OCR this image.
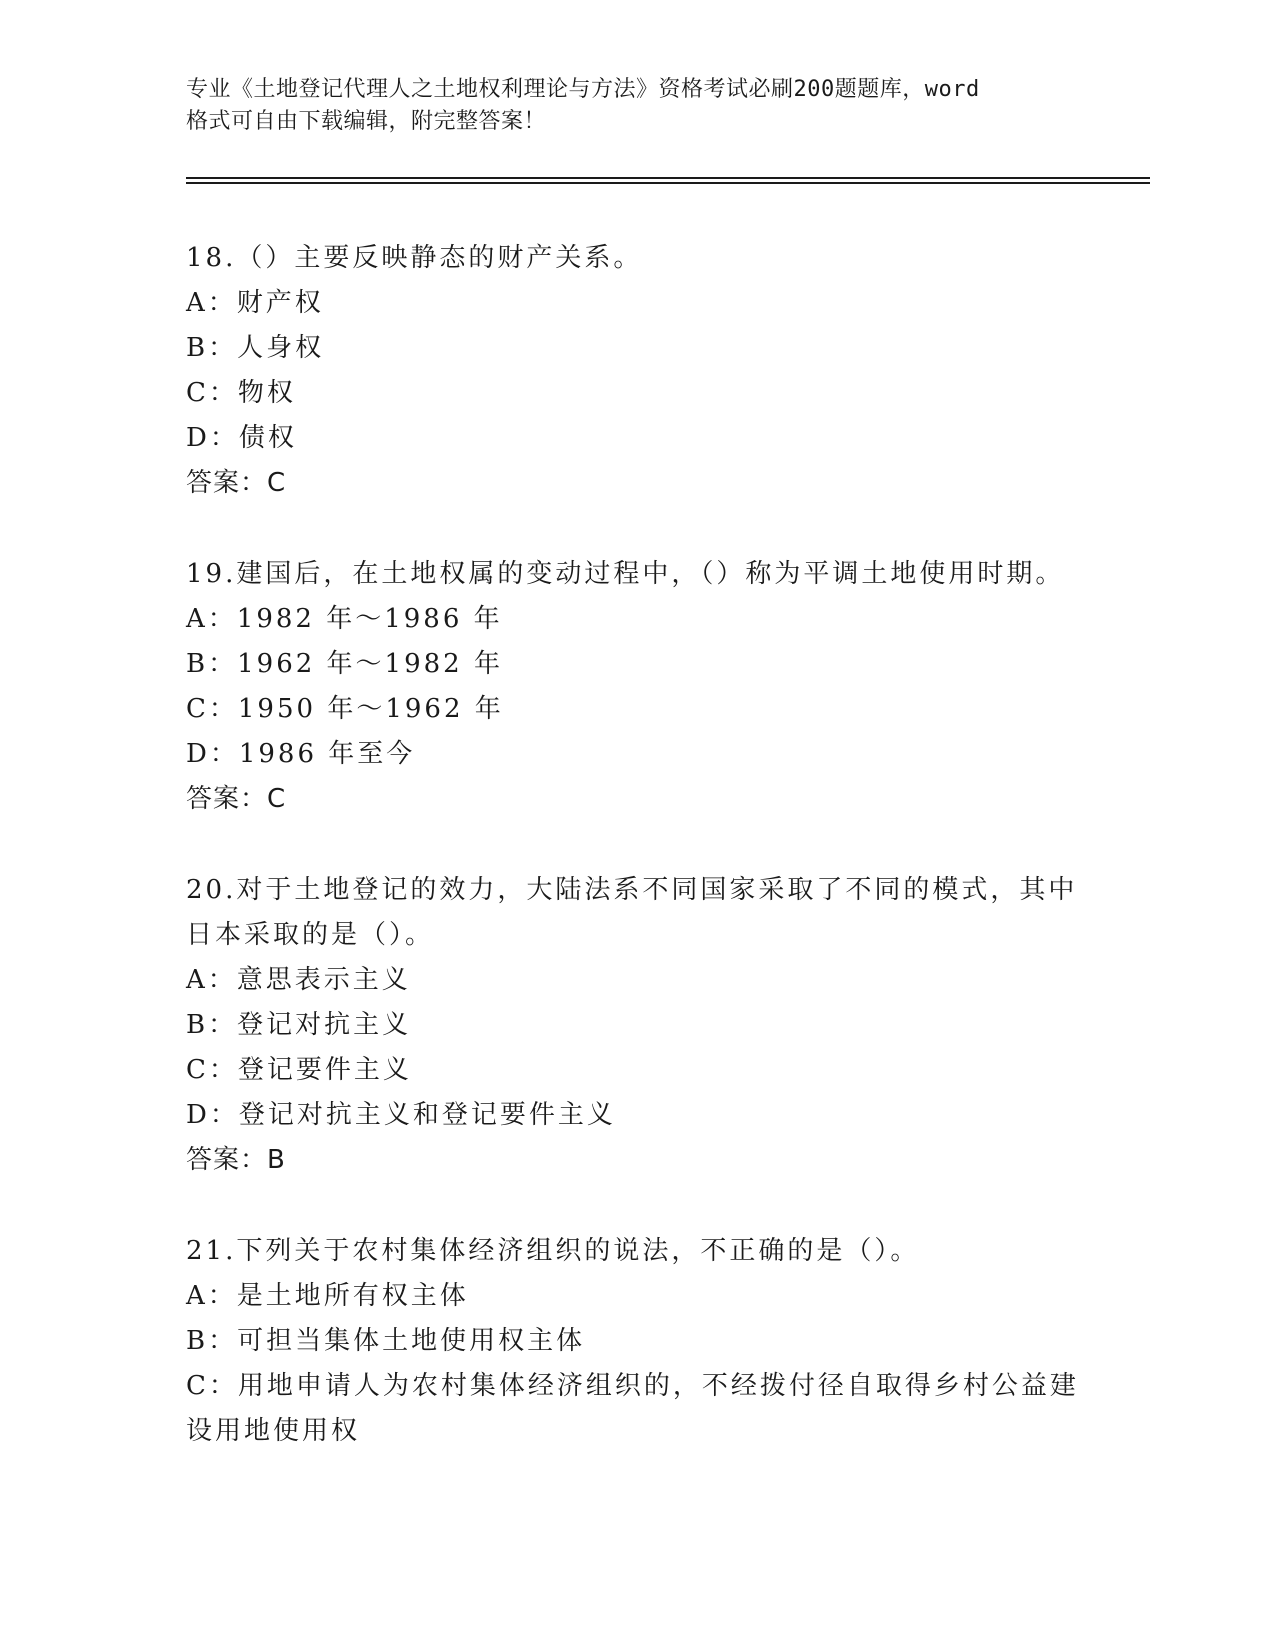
专业《土地登记代理人之土地权利理论与方法》资格考试必刷200题题库，word
格式可自由下载编辑，附完整答案！
18.（）主要反映静态的财产关系。
A：财产权
B：人身权
C：物权
D：债权
答案：C
19.建国后，在土地权属的变动过程中，（）称为平调土地使用时期。
A：1982 年～1986 年
B：1962 年～1982 年
C：1950 年～1962 年
D：1986 年至今
答案：C
20.对于土地登记的效力，大陆法系不同国家采取了不同的模式，其中
日本采取的是（）。
A：意思表示主义
B：登记对抗主义
C：登记要件主义
D：登记对抗主义和登记要件主义
答案：B
21.下列关于农村集体经济组织的说法，不正确的是（）。
A：是土地所有权主体
B：可担当集体土地使用权主体
C：用地申请人为农村集体经济组织的，不经拨付径自取得乡村公益建
设用地使用权
